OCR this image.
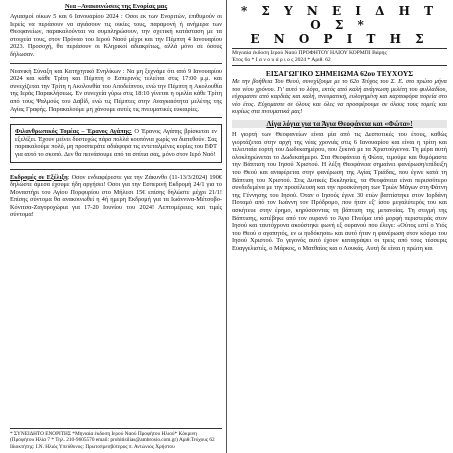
Νεα –Ανακοινώσεις της Ενορίας μας

Αγιασμοί οίκων 5 και 6 Ιανουαρίου 2024 : Οσοι εκ των Ενοριτών, επιθυμούν οι Ιερείς να περάσουν να αγιάσουν τις οικίες τους, παραμονή ή ανήμερα των Θεοφανείων, παρακαλούνται να συμπληρώσουν, την σχετική κατάσταση με τα στοιχεία τους, στον Πρόναο του Ιερού Ναού μέχρι και την Πέμπτη 4 Ιανουαρίου 2023. Προσοχή, θα περάσουν οι Κληρικοί αδιακρίτως, αλλά μόνο σε όσους δήλωσαν.

Νεανική Σύναξη και Κατηχητικό Ενηλίκων : Να μη ξεχνάμε ότι από 9 Ιανουαρίου 2024 και κάθε Τρίτη και Πέμπτη ο Εσπερινός τελείται στις 17:00 μ.μ. και συνεχίζεται την Τρίτη η Ακολουθία του Αποδείπνου, ενώ την Πέμπτη η Ακολουθία της Ιεράς Παρακλήσεως. Εν συνεχεία γύρω στις 18:10 γίνεται η ομιλία κάθε Τρίτη από τους Ψαλμούς του Δαβίδ, ενώ τις Πέμπτες στην Αναγκαιότητα μελέτης της Αγίας Γραφής. Παρακαλούμε μη χάνουμε αυτές τις πνευματικές ευκαιρίες.

Φιλανθρωπικός Τομέας – Έρανος Αγάπης: Ο Έρανος Αγάπης βρίσκεται εν εξελίξει. Έχουν μείνει δυστυχώς πάρα πολλά κουπόνια χωρίς να διατεθούν. Σας παρακαλούμε πολύ, μη προσπεράτε αδιάφορα τις εντεταλμένες κυρίες του ΕΦΤ για αυτό το σκοπό. Δεν θα πεινάσουμε από τα σπίτια σας, μόνο στον Ιερό Ναό!

Εκδρομές σε Εξέλιξη: Οσον ενδιαφέρεστε για την Ζάκυνθο (11-13/3/2024) 190€ δηλώστε άμεσα έχουμε ήδη αργήσει! Οσοι για την Εσπερινή Εκδρομή 24/1 για το Μοναστήρι του Αγίου Πορφυρίου στο Μήλεσι 15€ επίσης δηλώστε μέχρι 21/1! Επίσης σύντομα θα ανακοινωθεί η 4ή ημερη Εκδρομή για τα Ιωάννινα-Μέτσοβο-Κόνιτσα-Ζαγοροχώρια για 17-20 Ιουνίου του 2024! Λεπτομέρειες και τιμές σύντομα!

* ΣΥΝΕΙΔΗΤΟ ΕΝΟΡΙΤΗΣ *Μηνιαία έκδοση Ιερού Ναού Προφήτου Ηλιού* Κόκρινη
(Προφήτου Ηλία 7 * Τηλ. 210-9605570 email: prohitisilias@ambrosio.com.gr) Αριθ.Τεύχους 62
Ιδιοκτήτης: Ι.Ν. Ηλιός Υπεύθυνος: Πρωτοπρεσβύτερος π. Αντώνιος Χρήστου
* Σ Υ Ν Ε Ι Δ Η Τ Ο Σ *
Ε Ν Ο Ρ Ι Τ Η Σ
Μηνιαία έκδοση Ιερού Ναού ΠΡΟΦΗΤΟΥ ΗΛΙΟΥ ΚΟΡΜΠΙ Βάρης
Έτος 6ο * Ι α ν ο υ ά ρ ι ο ς 2024 * Αριθ. 62
ΕΙΣΑΓΩΓΙΚΟ ΣΗΜΕΙΩΜΑ 62ου ΤΕΥΧΟΥΣ

Με την βοήθεια Του Θεού, συνεχίζουμε με το 62ο Τεύχος του Σ. Ε. στο πρώτο μήνα του νέου χρόνου. Γι' αυτό το λόγο, εκτός από καλή ανάγνωση μελέτη του φυλλαδίου, εύχομαστε από καρδιάς και καλή, πνευματική, ευλογημένη και καρποφόρα πορεία στο νέο έτος. Εύχομαστε σε όλους και όλες να προσφέρουμε σε όλους τους τομείς και κυρίως στα πνευματικά μας!

Λίγα λόγια για τα Άγια Θεοφάνεια και «Φώτα»!

Η γιορτή των Θεοφανείων είναι μία από τις Δεσποτικές του έτους, καθώς γιορτάζεται στην αρχή της νέας χρονιάς στις 6 Ιανουαρίου και είναι η τρίτη και τελευταία εορτή του Δωδεκαημέρου, που ξεκινά με τα Χριστούγεννα. Τη μέρα αυτή ολοκληρώνεται το Δωδεκαήμερο. Στα Θεοφάνεια ή Φώτα, τιμούμε και θυμόμαστε την Βάπτιση του Ιησού Χριστού. Η λέξη Θεοφάνεια σημαίνει φανέρωση/επίδειξη του Θεού και αναφέρεται στην φανέρωση της Αγίας Τριάδας, που έγινε κατά τη Βάπτιση του Χριστού. Στις Δυτικές Εκκλησίες, τα Θεοφάνεια είναι περισσότερο συνδεδεμένα με την προσέλευση και την προσκύνηση των Τριών Μάγων στη Φάτνη της Γέννησης του Ιησού. Όταν ο Ιησούς έγινε 30 ετών βαπτίστηκε στον Ιορδάνη Ποταμό από τον Ιωάννη τον Πρόδρομο, που ήταν εξ' ίσου μεγαλύτερός του και ασκήτευε στην έρημο, κηρύσσοντας τη βάπτιση της μετανοίας. Τη στιγμή της Βάπτισης, κατέβηκε από τον ουρανό το Άγιο Πνεύμα υπό μορφή περιστεράς στον Ιησού και ταυτόχρονα ακούστηκε φωνή εξ ουρανού που έλεγε: «Ούτος εστί ο Υιός του Θεού ο αγαπητός, εν ω ηυδόκησα» και αυτό ήταν η φανέρωση στον κόσμο του Ιησού Χριστού. Το γεγονός αυτό έχουν καταγράψει οι τρεις από τους τέσσερις Ευαγγελιστές, ο Μάρκος, ο Ματθαίος και ο Λουκάς. Αυτή δε είναι η πρώτη και
